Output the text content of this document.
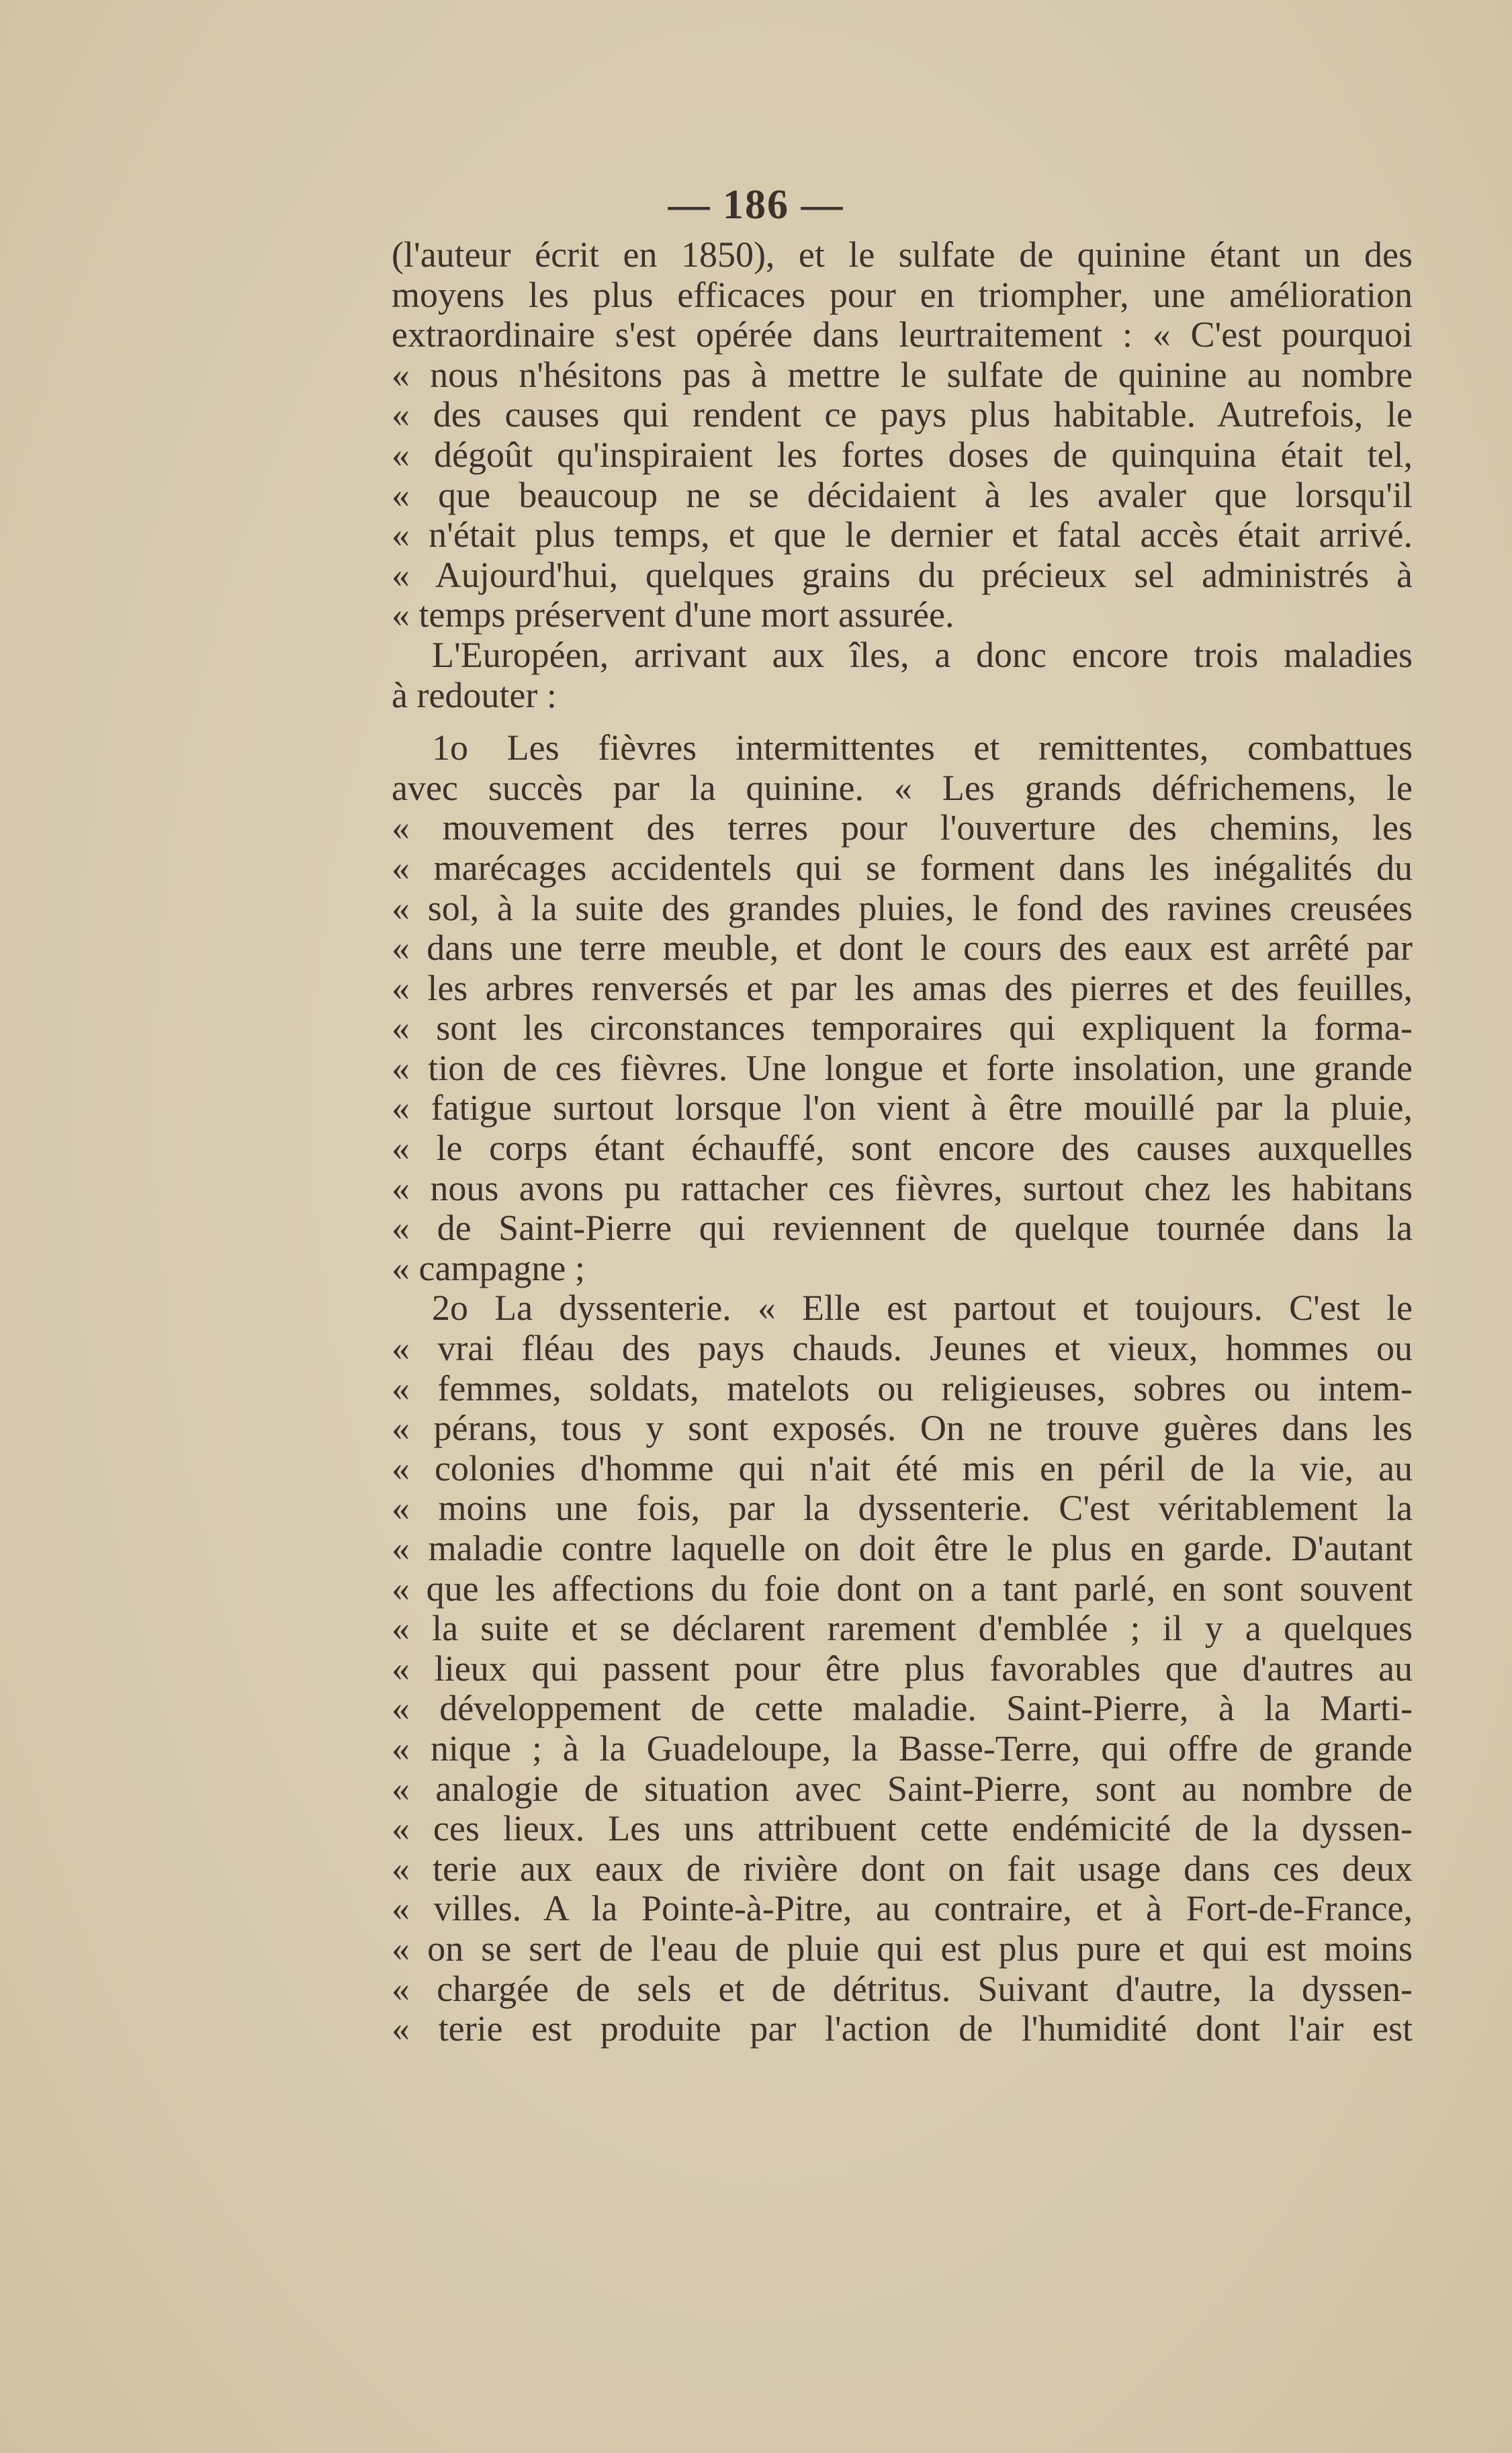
— 186 —
(l'auteur écrit en 1850), et le sulfate de quinine étant un des
moyens les plus efficaces pour en triompher, une amélioration
extraordinaire s'est opérée dans leurtraitement : « C'est pourquoi
« nous n'hésitons pas à mettre le sulfate de quinine au nombre
« des causes qui rendent ce pays plus habitable. Autrefois, le
« dégoût qu'inspiraient les fortes doses de quinquina était tel,
« que beaucoup ne se décidaient à les avaler que lorsqu'il
« n'était plus temps, et que le dernier et fatal accès était arrivé.
« Aujourd'hui, quelques grains du précieux sel administrés à
« temps préservent d'une mort assurée.
L'Européen, arrivant aux îles, a donc encore trois maladies
à redouter :
1o Les fièvres intermittentes et remittentes, combattues
avec succès par la quinine. « Les grands défrichemens, le
« mouvement des terres pour l'ouverture des chemins, les
« marécages accidentels qui se forment dans les inégalités du
« sol, à la suite des grandes pluies, le fond des ravines creusées
« dans une terre meuble, et dont le cours des eaux est arrêté par
« les arbres renversés et par les amas des pierres et des feuilles,
« sont les circonstances temporaires qui expliquent la forma-
« tion de ces fièvres. Une longue et forte insolation, une grande
« fatigue surtout lorsque l'on vient à être mouillé par la pluie,
« le corps étant échauffé, sont encore des causes auxquelles
« nous avons pu rattacher ces fièvres, surtout chez les habitans
« de Saint-Pierre qui reviennent de quelque tournée dans la
« campagne ;
2o La dyssenterie. « Elle est partout et toujours. C'est le
« vrai fléau des pays chauds. Jeunes et vieux, hommes ou
« femmes, soldats, matelots ou religieuses, sobres ou intem-
« pérans, tous y sont exposés. On ne trouve guères dans les
« colonies d'homme qui n'ait été mis en péril de la vie, au
« moins une fois, par la dyssenterie. C'est véritablement la
« maladie contre laquelle on doit être le plus en garde. D'autant
« que les affections du foie dont on a tant parlé, en sont souvent
« la suite et se déclarent rarement d'emblée ; il y a quelques
« lieux qui passent pour être plus favorables que d'autres au
« développement de cette maladie. Saint-Pierre, à la Marti-
« nique ; à la Guadeloupe, la Basse-Terre, qui offre de grande
« analogie de situation avec Saint-Pierre, sont au nombre de
« ces lieux. Les uns attribuent cette endémicité de la dyssen-
« terie aux eaux de rivière dont on fait usage dans ces deux
« villes. A la Pointe-à-Pitre, au contraire, et à Fort-de-France,
« on se sert de l'eau de pluie qui est plus pure et qui est moins
« chargée de sels et de détritus. Suivant d'autre, la dyssen-
« terie est produite par l'action de l'humidité dont l'air est
